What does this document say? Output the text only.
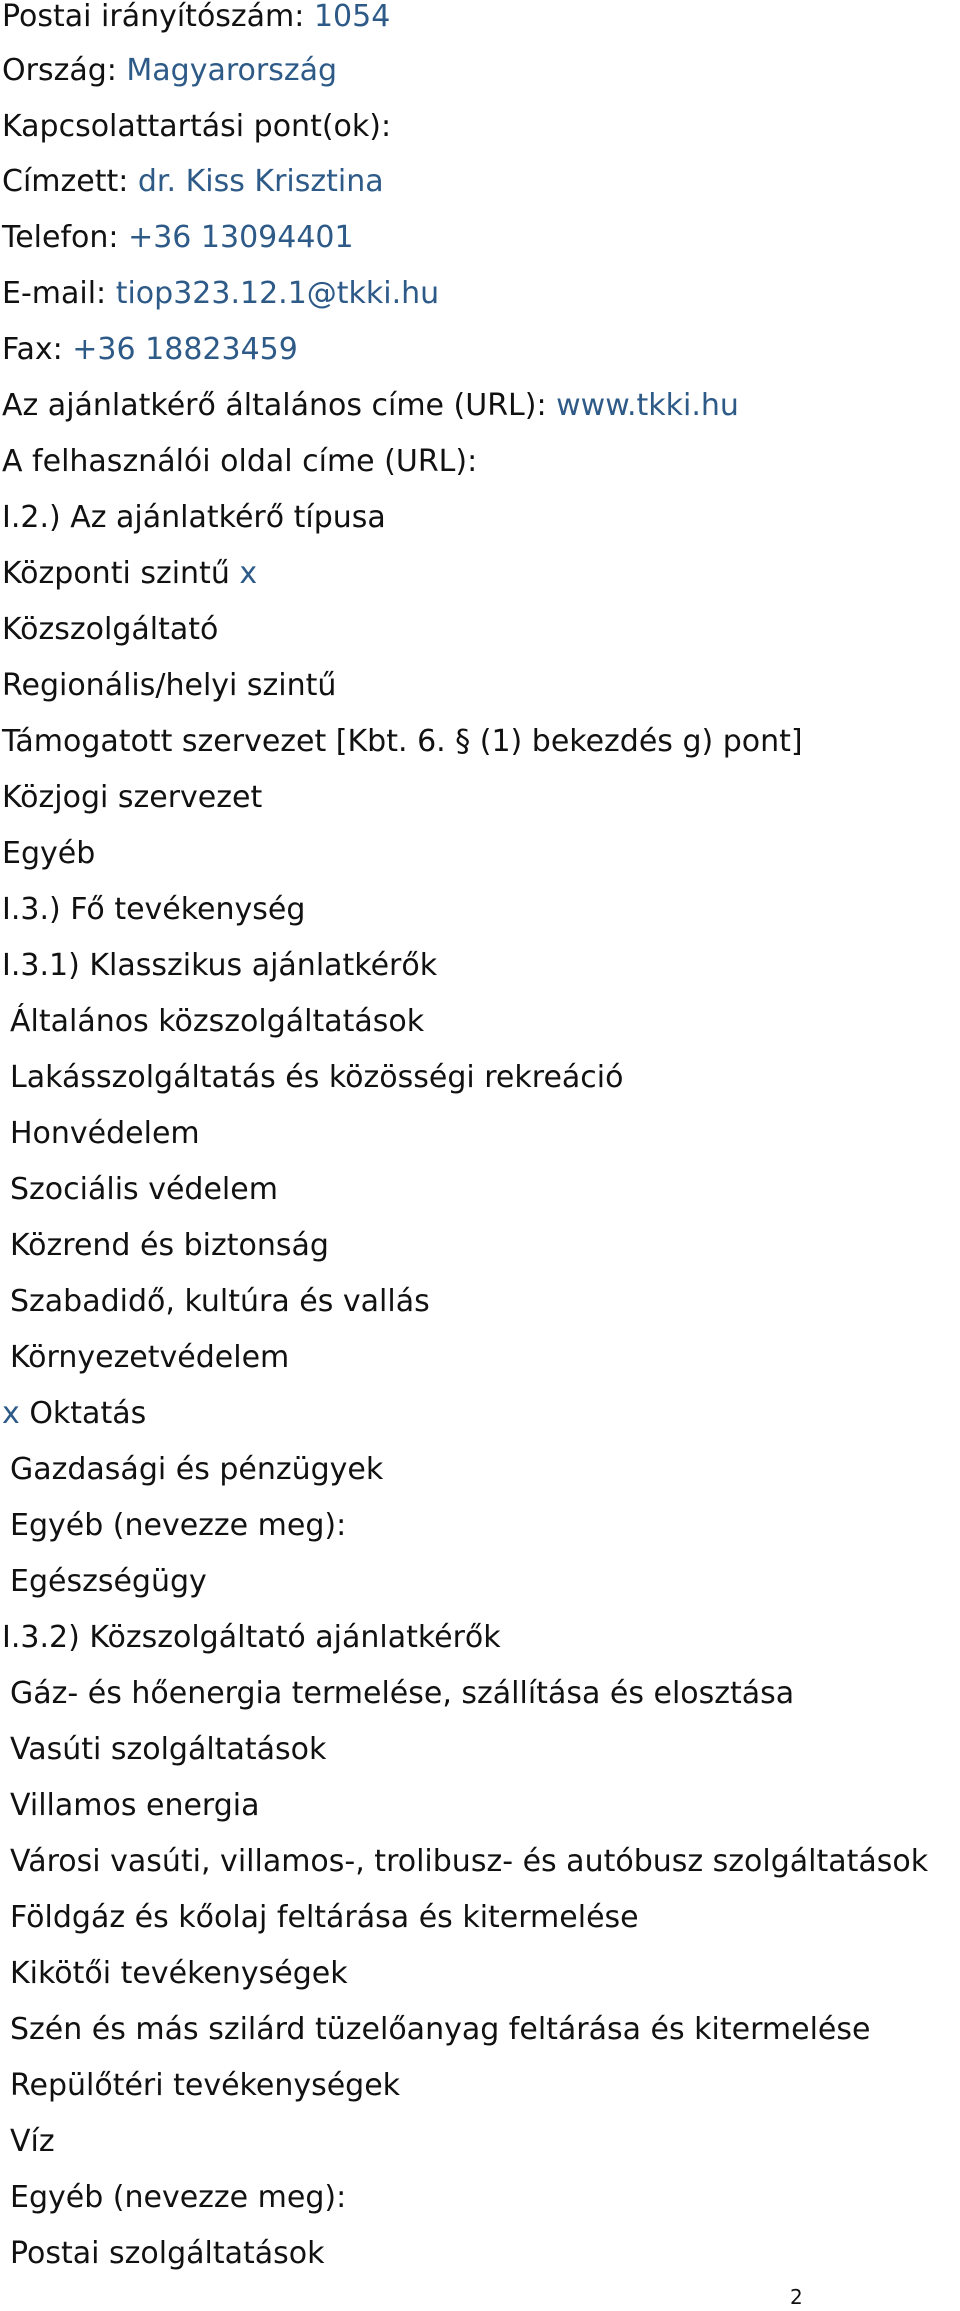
Postai irányítószám: 1054
Ország: Magyarország
Kapcsolattartási pont(ok):
Címzett: dr. Kiss Krisztina
Telefon: +36 13094401
E-mail: tiop323.12.1@tkki.hu
Fax: +36 18823459
Az ajánlatkérő általános címe (URL): www.tkki.hu
A felhasználói oldal címe (URL):
I.2.) Az ajánlatkérő típusa
Központi szintű x
Közszolgáltató
Regionális/helyi szintű
Támogatott szervezet [Kbt. 6. § (1) bekezdés g) pont]
Közjogi szervezet
Egyéb
I.3.) Fő tevékenység
I.3.1) Klasszikus ajánlatkérők
Általános közszolgáltatások
Lakásszolgáltatás és közösségi rekreáció
Honvédelem
Szociális védelem
Közrend és biztonság
Szabadidő, kultúra és vallás
Környezetvédelem
x Oktatás
Gazdasági és pénzügyek
Egyéb (nevezze meg):
Egészségügy
I.3.2) Közszolgáltató ajánlatkérők
Gáz- és hőenergia termelése, szállítása és elosztása
Vasúti szolgáltatások
Villamos energia
Városi vasúti, villamos-, trolibusz- és autóbusz szolgáltatások
Földgáz és kőolaj feltárása és kitermelése
Kikötői tevékenységek
Szén és más szilárd tüzelőanyag feltárása és kitermelése
Repülőtéri tevékenységek
Víz
Egyéb (nevezze meg):
Postai szolgáltatások
2
